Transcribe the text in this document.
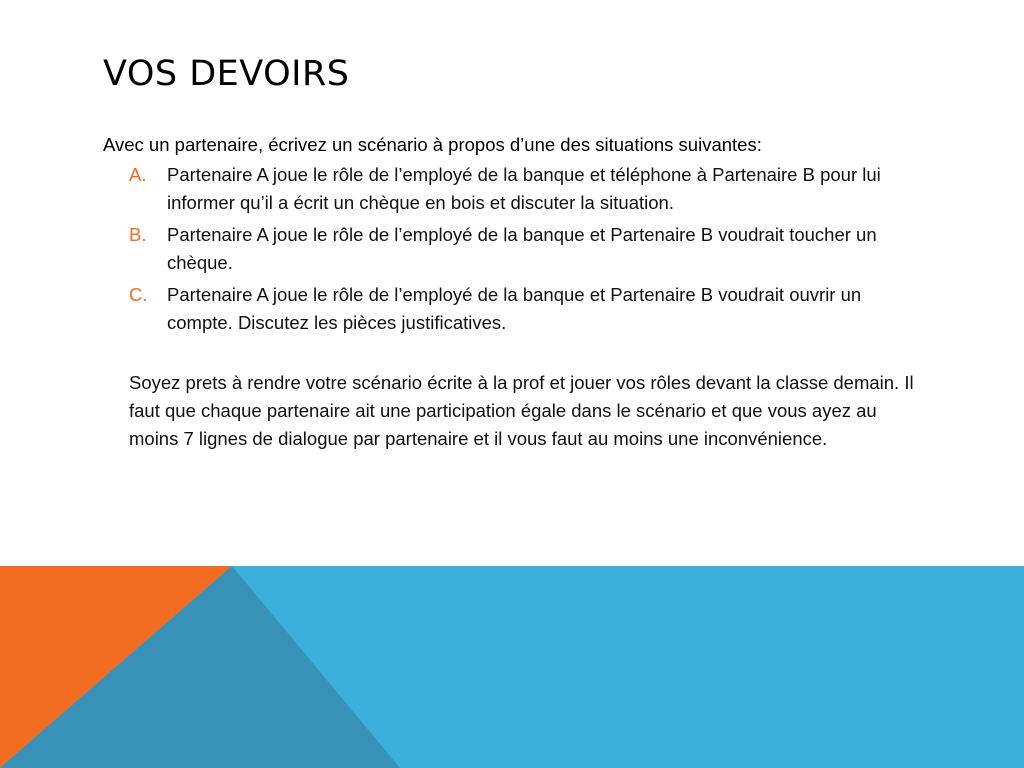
VOS DEVOIRS

Avec un partenaire, écrivez un scénario à propos d’une des situations suivantes:

A. Partenaire A joue le rôle de l’employé de la banque et téléphone à Partenaire B pour lui informer qu’il a écrit un chèque en bois et discuter la situation.
B. Partenaire A joue le rôle de l’employé de la banque et Partenaire B voudrait toucher un chèque.
C. Partenaire A joue le rôle de l’employé de la banque et Partenaire B voudrait ouvrir un compte. Discutez les pièces justificatives.

Soyez prets à rendre votre scénario écrite à la prof et jouer vos rôles devant la classe demain. Il faut que chaque partenaire ait une participation égale dans le scénario et que vous ayez au moins 7 lignes de dialogue par partenaire et il vous faut au moins une inconvénience.
